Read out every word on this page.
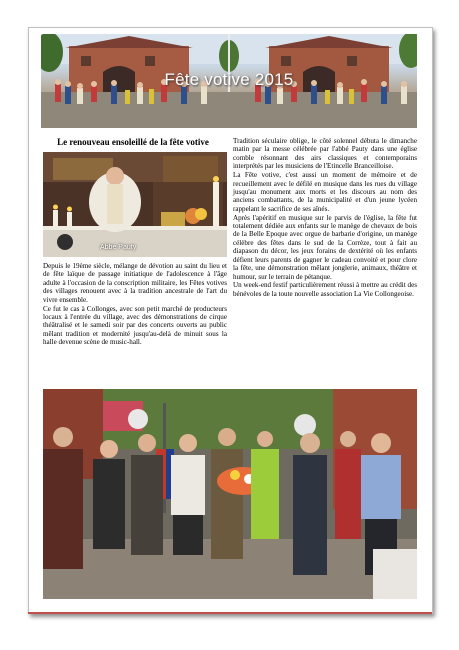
Fête votive 2015
Le renouveau ensoleillé de la fête votive
Abbé Pauty

Depuis le 19ème siècle, mélange de dévotion au saint du lieu et de fête laïque de passage initiatique de l'adolescence à l'âge adulte à l'occasion de la conscription militaire, les Fêtes votives des villages renouent avec à la tradition ancestrale de l'art du vivre ensemble.

Ce fut le cas à Collonges, avec son petit marché de producteurs locaux à l'entrée du village, avec des démonstrations de cirque théâtralisé et le samedi soir par des concerts ouverts au public mêlant tradition et modernité jusqu'au-delà de minuit sous la halle devenue scène de music-hall.

Tradition séculaire oblige, le côté solennel débuta le dimanche matin par la messe célébrée par l'abbé Pauty dans une église comble résonnant des airs classiques et contemporains interprétés par les musiciens de l'Etincelle Branceilloise.

La Fête votive, c'est aussi un moment de mémoire et de recueillement avec le défilé en musique dans les rues du village jusqu'au monument aux morts et les discours au nom des anciens combattants, de la municipalité et d'un jeune lycéen rappelant le sacrifice de ses aînés.

Après l'apéritif en musique sur le parvis de l'église, la fête fut totalement dédiée aux enfants sur le manège de chevaux de bois de la Belle Epoque avec orgue de barbarie d'origine, un manège célèbre des fêtes dans le sud de la Corrèze, tout à fait au diapason du décor, les jeux forains de dextérité où les enfants défient leurs parents de gagner le cadeau convoité et pour clore la fête, une démonstration mêlant jonglerie, animaux, théâtre et humour, sur le terrain de pétanque.

Un week-end festif particulièrement réussi à mettre au crédit des bénévoles de la toute nouvelle association La Vie Collongeoise.
